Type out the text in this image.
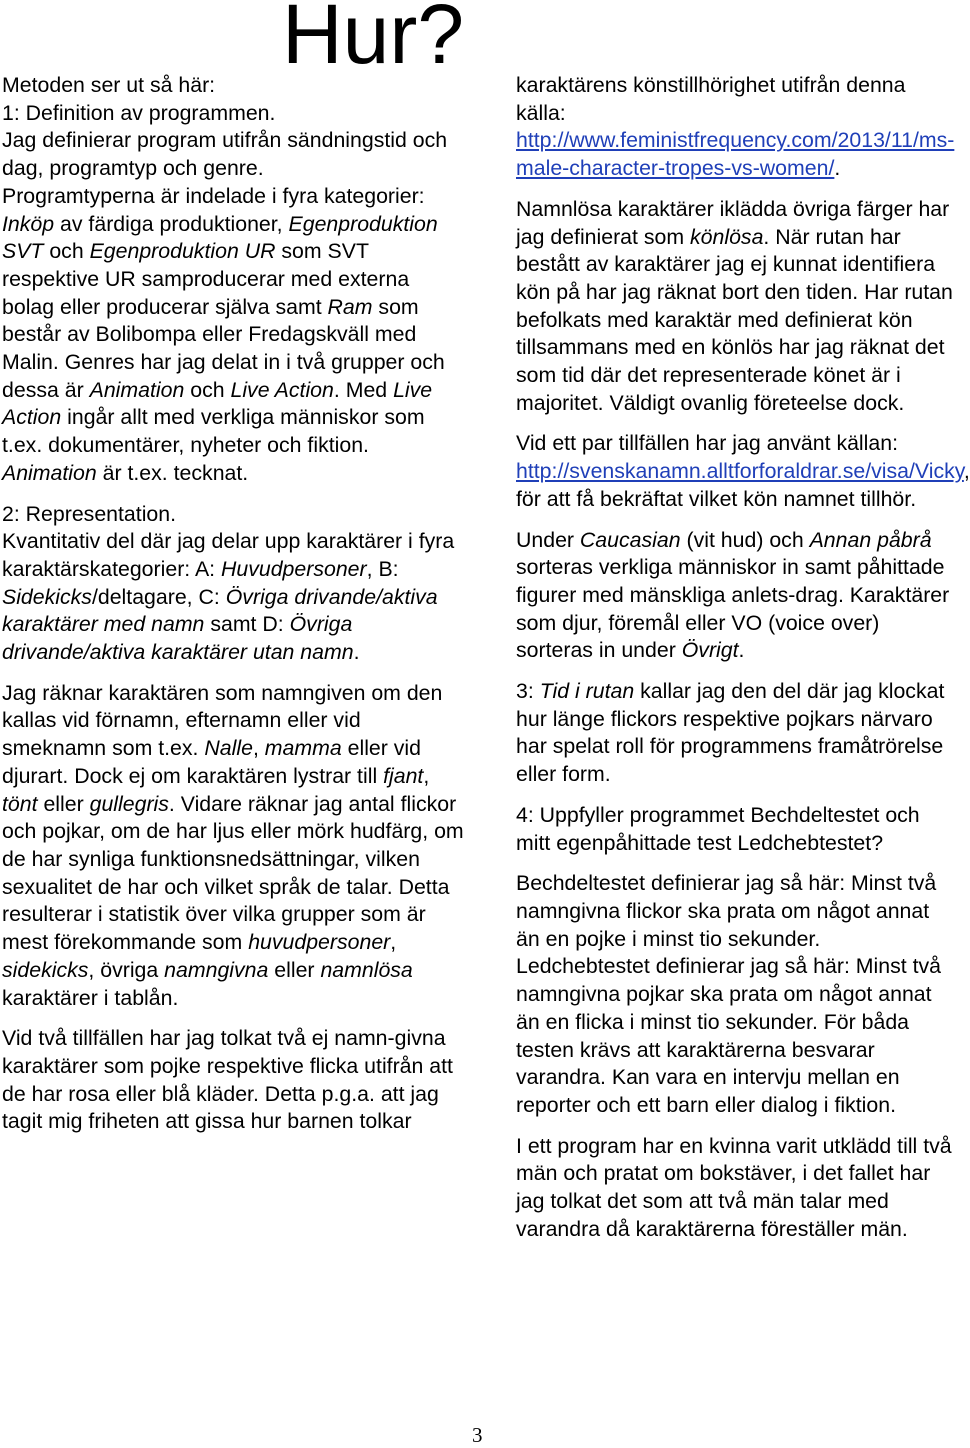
Hur?

Metoden ser ut så här:
1: Definition av programmen.
Jag definierar program utifrån sändningstid och dag, programtyp och genre.
Programtyperna är indelade i fyra kategorier: Inköp av färdiga produktioner, Egenproduktion SVT och Egenproduktion UR som SVT respektive UR samproducerar med externa bolag eller producerar själva samt Ram som består av Bolibompa eller Fredagskväll med Malin. Genres har jag delat in i två grupper och dessa är Animation och Live Action. Med Live Action ingår allt med verkliga människor som t.ex. dokumentärer, nyheter och fiktion. Animation är t.ex. tecknat.

2: Representation.
Kvantitativ del där jag delar upp karaktärer i fyra karaktärskategorier: A: Huvudpersoner, B: Sidekicks/deltagare, C: Övriga drivande/aktiva karaktärer med namn samt D: Övriga drivande/aktiva karaktärer utan namn.

Jag räknar karaktären som namngiven om den kallas vid förnamn, efternamn eller vid smeknamn som t.ex. Nalle, mamma eller vid djurart. Dock ej om karaktären lystrar till fjant, tönt eller gullegris. Vidare räknar jag antal flickor och pojkar, om de har ljus eller mörk hudfärg, om de har synliga funktionsnedsättningar, vilken sexualitet de har och vilket språk de talar. Detta resulterar i statistik över vilka grupper som är mest förekommande som huvudpersoner, sidekicks, övriga namngivna eller namnlösa karaktärer i tablån.

Vid två tillfällen har jag tolkat två ej namn-givna karaktärer som pojke respektive flicka utifrån att de har rosa eller blå kläder. Detta p.g.a. att jag tagit mig friheten att gissa hur barnen tolkar

karaktärens könstillhörighet utifrån denna källa:
http://www.feministfrequency.com/2013/11/ms-male-character-tropes-vs-women/.

Namnlösa karaktärer iklädda övriga färger har jag definierat som könlösa. När rutan har bestått av karaktärer jag ej kunnat identifiera kön på har jag räknat bort den tiden. Har rutan befolkats med karaktär med definierat kön tillsammans med en könlös har jag räknat det som tid där det representerade könet är i majoritet. Väldigt ovanlig företeelse dock.

Vid ett par tillfällen har jag använt källan: http://svenskanamn.alltforforaldrar.se/visa/Vicky, för att få bekräftat vilket kön namnet tillhör.

Under Caucasian (vit hud) och Annan påbrå sorteras verkliga människor in samt påhittade figurer med mänskliga anlets-drag. Karaktärer som djur, föremål eller VO (voice over) sorteras in under Övrigt.

3: Tid i rutan kallar jag den del där jag klockat hur länge flickors respektive pojkars närvaro har spelat roll för programmens framåtrörelse eller form.

4: Uppfyller programmet Bechdeltestet och mitt egenpåhittade test Ledchebtestet?

Bechdeltestet definierar jag så här: Minst två namngivna flickor ska prata om något annat än en pojke i minst tio sekunder. Ledchebtestet definierar jag så här: Minst två namngivna pojkar ska prata om något annat än en flicka i minst tio sekunder. För båda testen krävs att karaktärerna besvarar varandra. Kan vara en intervju mellan en reporter och ett barn eller dialog i fiktion.

I ett program har en kvinna varit utklädd till två män och pratat om bokstäver, i det fallet har jag tolkat det som att två män talar med varandra då karaktärerna föreställer män.

3
